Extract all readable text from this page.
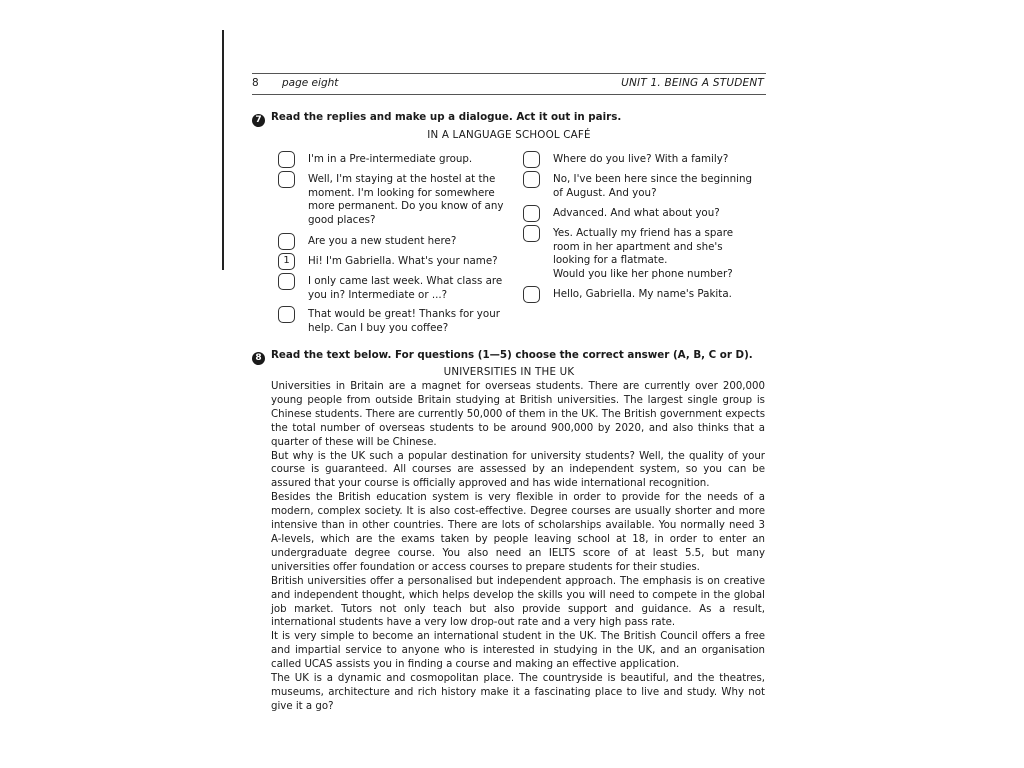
8 page eight	UNIT 1. BEING A STUDENT
7 Read the replies and make up a dialogue. Act it out in pairs.
IN A LANGUAGE SCHOOL CAFÉ
I'm in a Pre-intermediate group.
Well, I'm staying at the hostel at the
moment. I'm looking for somewhere
more permanent. Do you know of any
good places?
Are you a new student here?
1	Hi! I'm Gabriella. What's your name?
I only came last week. What class are
you in? Intermediate or ...?
That would be great! Thanks for your
help. Can I buy you coffee?
Where do you live? With a family?
No, I've been here since the beginning
of August. And you?
Advanced. And what about you?
Yes. Actually my friend has a spare
room in her apartment and she's
looking for a flatmate.
Would you like her phone number?
Hello, Gabriella. My name's Pakita.
8 Read the text below. For questions (1—5) choose the correct answer (A, B, C or D).
UNIVERSITIES IN THE UK

Universities in Britain are a magnet for overseas students. There are currently over 200,000 young people from outside Britain studying at British universities. The largest single group is Chinese students. There are currently 50,000 of them in the UK. The British government expects the total number of overseas students to be around 900,000 by 2020, and also thinks that a quarter of these will be Chinese.

But why is the UK such a popular destination for university students? Well, the quality of your course is guaranteed. All courses are assessed by an independent system, so you can be assured that your course is officially approved and has wide international recognition.

Besides the British education system is very flexible in order to provide for the needs of a modern, complex society. It is also cost-effective. Degree courses are usually shorter and more intensive than in other countries. There are lots of scholarships available. You normally need 3 A-levels, which are the exams taken by people leaving school at 18, in order to enter an undergraduate degree course. You also need an IELTS score of at least 5.5, but many universities offer foundation or access courses to prepare students for their studies.

British universities offer a personalised but independent approach. The emphasis is on creative and independent thought, which helps develop the skills you will need to compete in the global job market. Tutors not only teach but also provide support and guidance. As a result, international students have a very low drop-out rate and a very high pass rate.

It is very simple to become an international student in the UK. The British Council offers a free and impartial service to anyone who is interested in studying in the UK, and an organisation called UCAS assists you in finding a course and making an effective application.

The UK is a dynamic and cosmopolitan place. The countryside is beautiful, and the theatres, museums, architecture and rich history make it a fascinating place to live and study. Why not give it a go?
